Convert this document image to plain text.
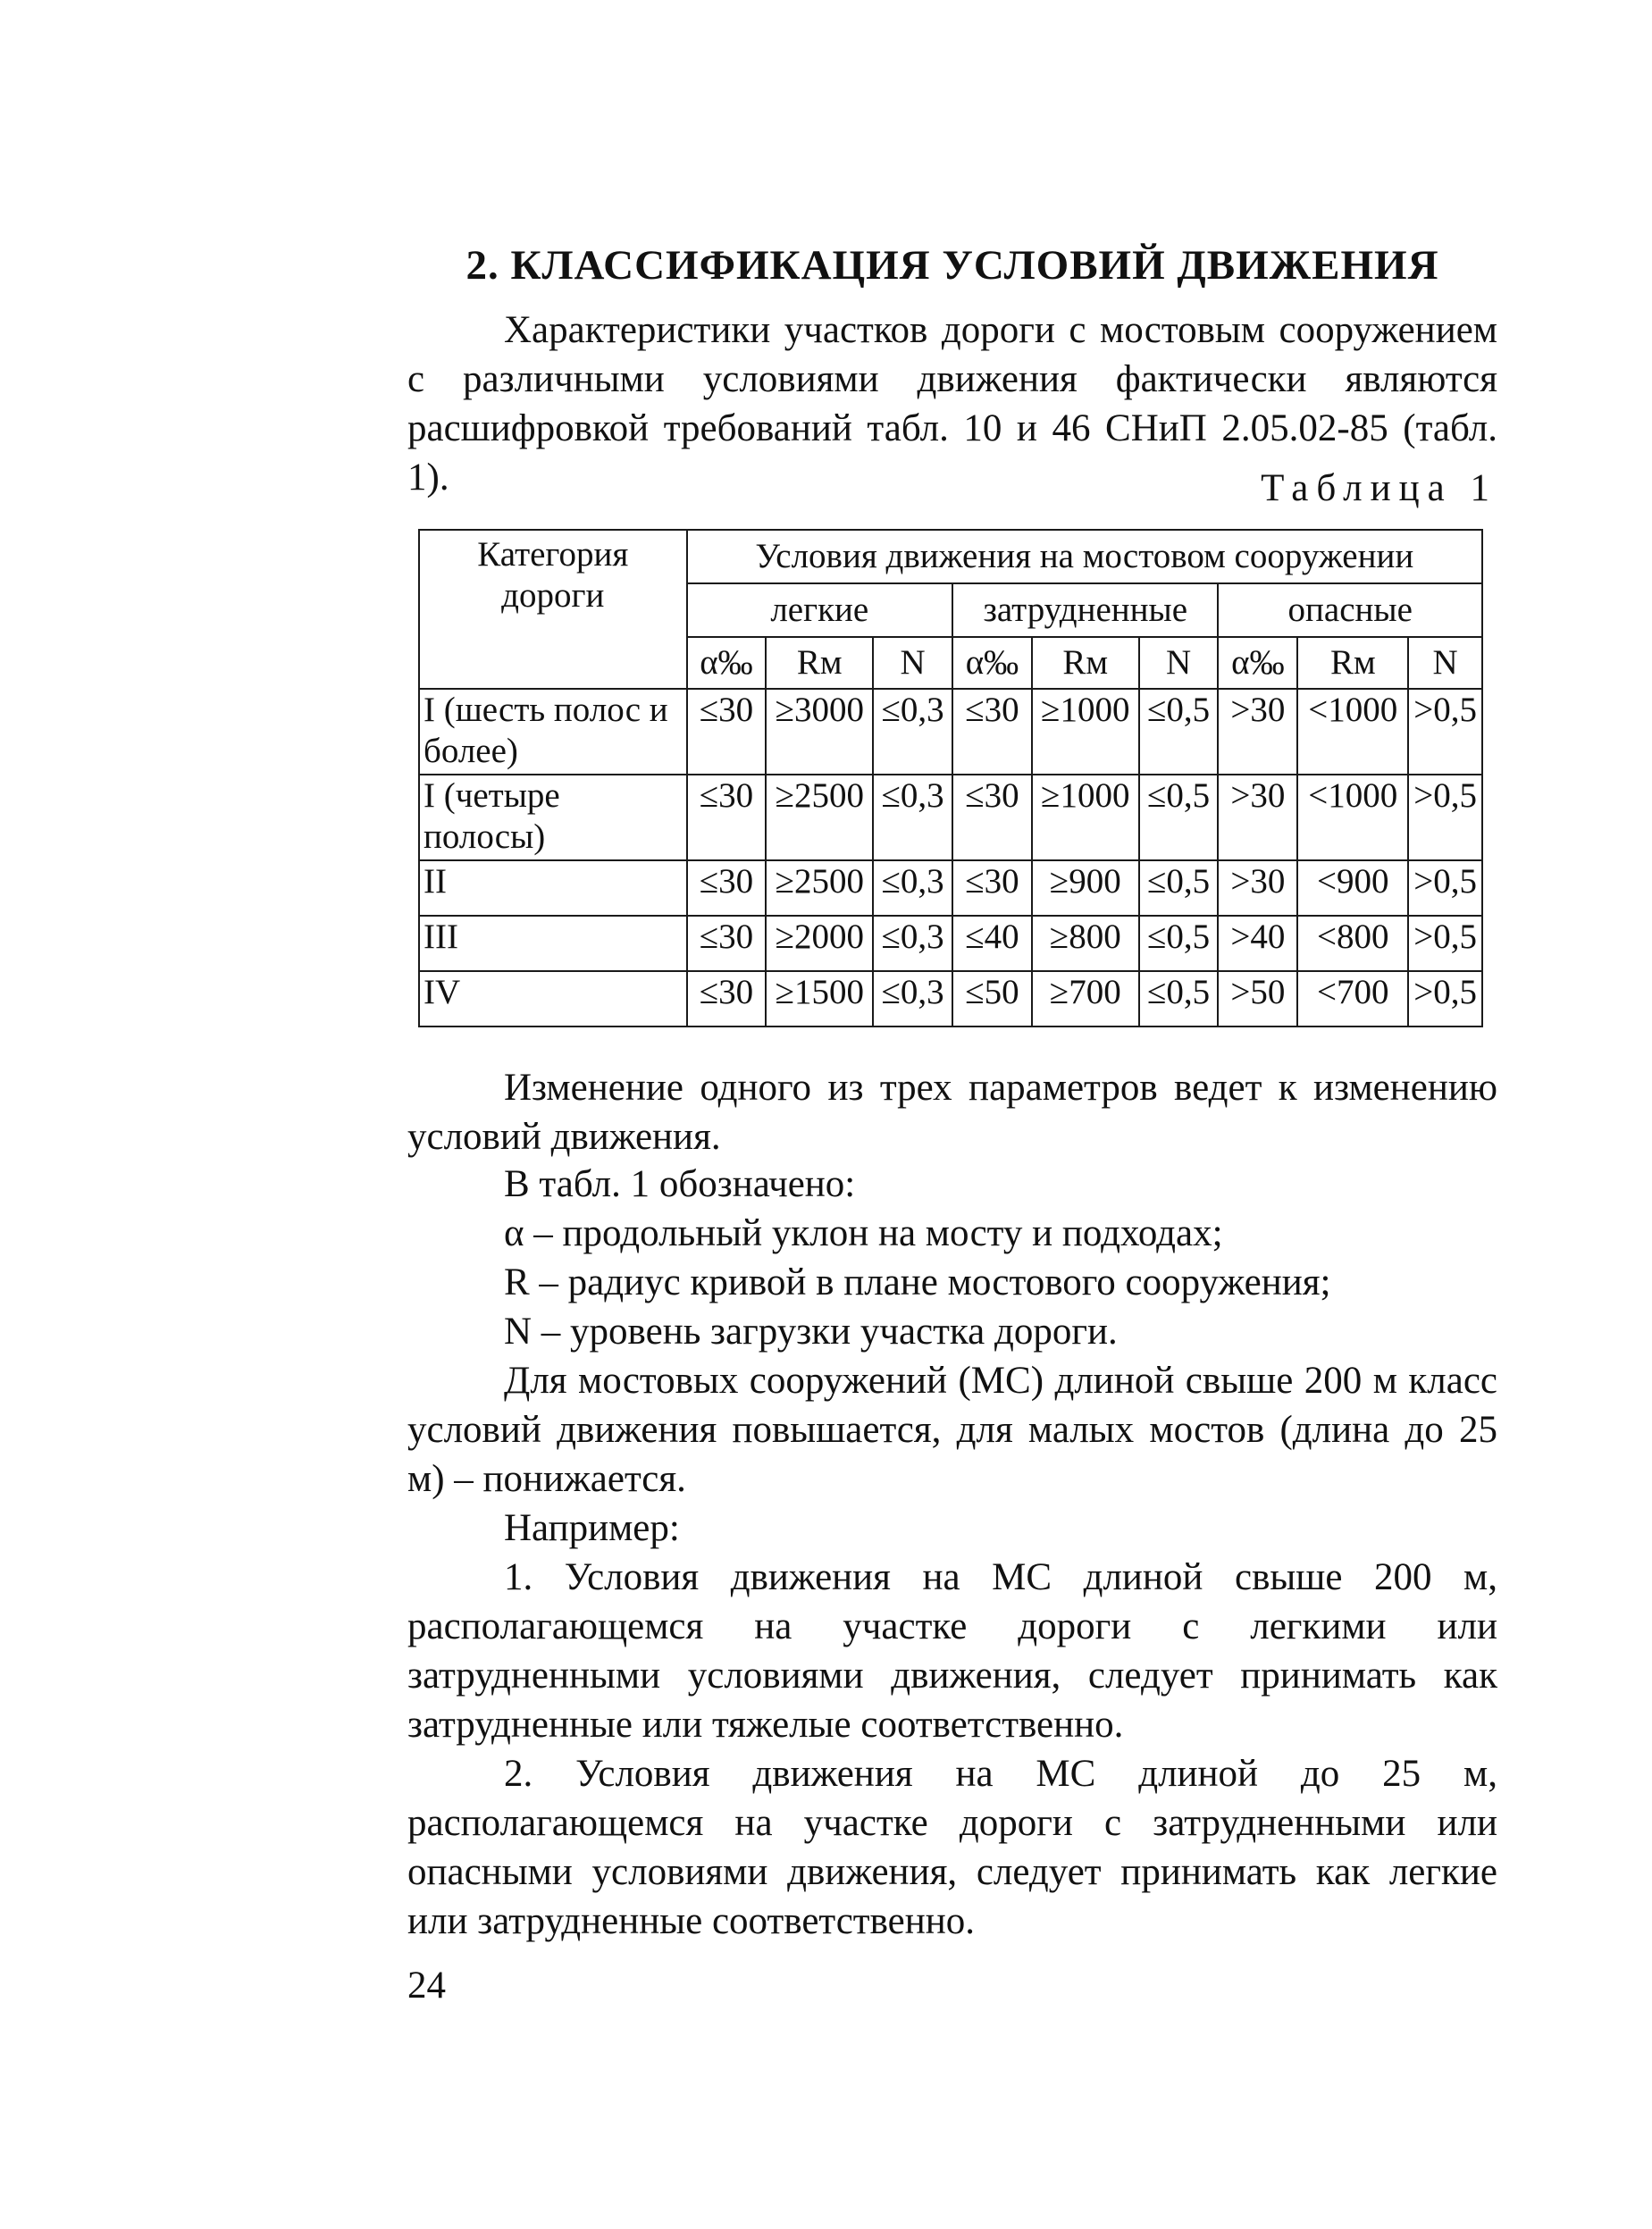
2. КЛАССИФИКАЦИЯ УСЛОВИЙ ДВИЖЕНИЯ

Характеристики участков дороги с мостовым сооружением с различными условиями движения фактически являются расшифровкой требований табл. 10 и 46 СНиП 2.05.02-85 (табл. 1).	Таблица 1
Категория дороги	Условия движения на мостовом сооружении								
	легкие			затрудненные			опасные		
	α‰	Rм	N	α‰	Rм	N	α‰	Rм	N
I (шесть полос и более)	≤30	≥3000	≤0,3	≤30	≥1000	≤0,5	>30	<1000	>0,5
I (четыре полосы)	≤30	≥2500	≤0,3	≤30	≥1000	≤0,5	>30	<1000	>0,5
II	≤30	≥2500	≤0,3	≤30	≥900	≤0,5	>30	<900	>0,5
III	≤30	≥2000	≤0,3	≤40	≥800	≤0,5	>40	<800	>0,5
IV	≤30	≥1500	≤0,3	≤50	≥700	≤0,5	>50	<700	>0,5

Изменение одного из трех параметров ведет к изменению условий движения.

В табл. 1 обозначено:
α – продольный уклон на мосту и подходах;
R – радиус кривой в плане мостового сооружения;
N – уровень загрузки участка дороги.

Для мостовых сооружений (МС) длиной свыше 200 м класс условий движения повышается, для малых мостов (длина до 25 м) – понижается.

Например:

1. Условия движения на МС длиной свыше 200 м, располагающемся на участке дороги с легкими или затрудненными условиями движения, следует принимать как затрудненные или тяжелые соответственно.

2. Условия движения на МС длиной до 25 м, располагающемся на участке дороги с затрудненными или опасными условиями движения, следует принимать как легкие или затрудненные соответственно.

24
